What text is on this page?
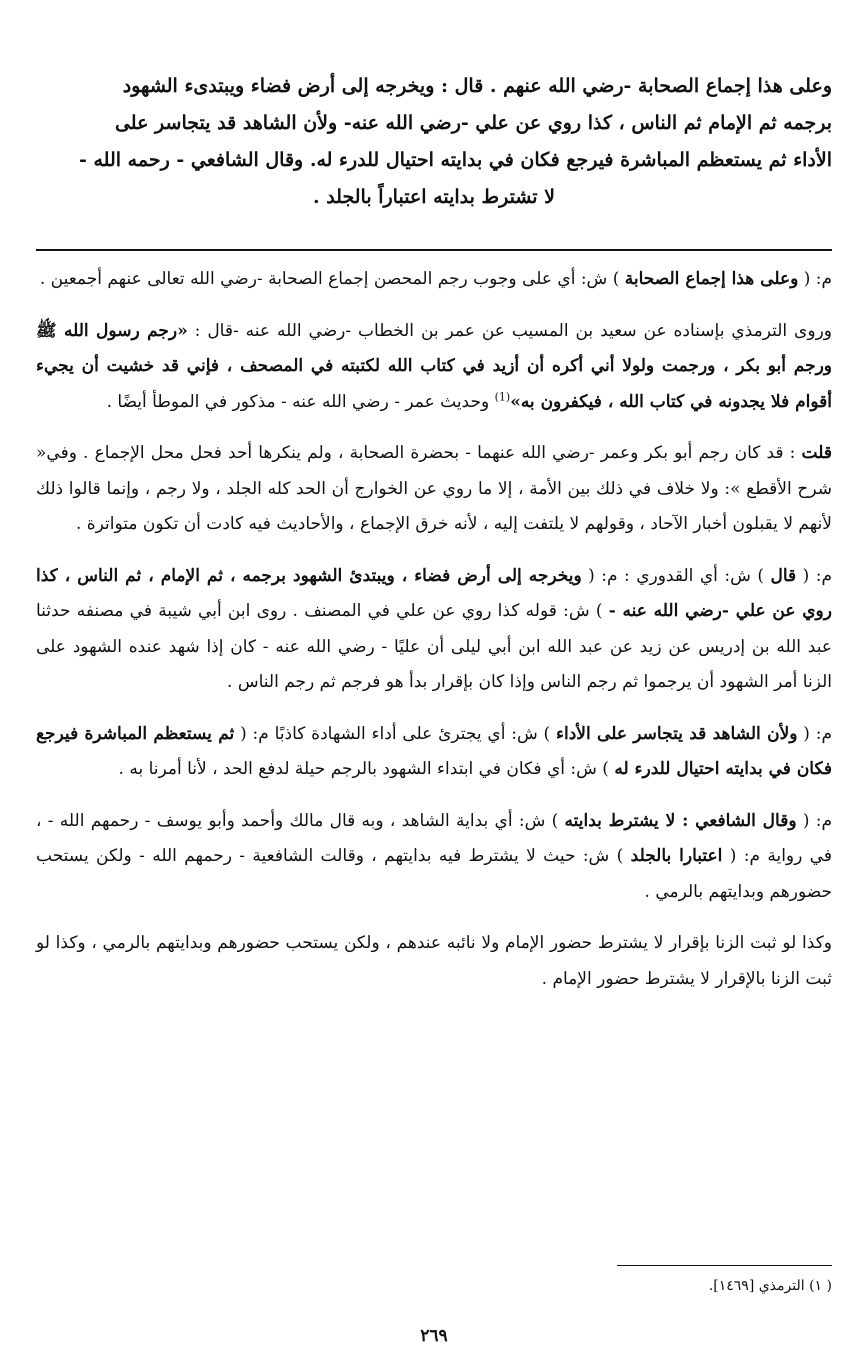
وعلى هذا إجماع الصحابة -رضي الله عنهم . قال : ويخرجه إلى أرض فضاء ويبتدىء الشهود

برجمه ثم الإمام ثم الناس ، كذا روي عن علي -رضي الله عنه- ولأن الشاهد قد يتجاسر على

الأداء ثم يستعظم المباشرة فيرجع فكان في بدايته احتيال للدرء له. وقال الشافعي - رحمه الله -

لا تشترط بدايته اعتباراً بالجلد .

م: ( وعلى هذا إجماع الصحابة ) ش: أي على وجوب رجم المحصن إجماع الصحابة -رضي الله تعالى عنهم أجمعين .

وروى الترمذي بإسناده عن سعيد بن المسيب عن عمر بن الخطاب -رضي الله عنه -قال : «رجم رسول الله ﷺ ورجم أبو بكر ، ورجمت ولولا أني أكره أن أزيد في كتاب الله لكتبته في المصحف ، فإني قد خشيت أن يجيء أقوام فلا يجدونه في كتاب الله ، فيكفرون به»$^{(1)}$ وحديث عمر - رضي الله عنه - مذكور في الموطأ أيضًا .

قلت : قد كان رجم أبو بكر وعمر -رضي الله عنهما - بحضرة الصحابة ، ولم ينكرها أحد فحل محل الإجماع . وفي« شرح الأقطع »: ولا خلاف في ذلك بين الأمة ، إلا ما روي عن الخوارج أن الحد كله الجلد ، ولا رجم ، وإنما قالوا ذلك لأنهم لا يقبلون أخبار الآحاد ، وقولهم لا يلتفت إليه ، لأنه خرق الإجماع ، والأحاديث فيه كادت أن تكون متواترة .

م: ( قال ) ش: أي القدوري : م: ( ويخرجه إلى أرض فضاء ، ويبتدئ الشهود برجمه ، ثم الإمام ، ثم الناس ، كذا روي عن علي -رضي الله عنه - ) ش: قوله كذا روي عن علي في المصنف . روى ابن أبي شيبة في مصنفه حدثنا عبد الله بن إدريس عن زيد عن عبد الله ابن أبي ليلى أن عليًا - رضي الله عنه - كان إذا شهد عنده الشهود على الزنا أمر الشهود أن يرجموا ثم رجم الناس وإذا كان بإقرار بدأ هو فرجم ثم رجم الناس .

م: ( ولأن الشاهد قد يتجاسر على الأداء ) ش: أي يجترئ على أداء الشهادة كاذبًا م: ( ثم يستعظم المباشرة فيرجع فكان في بدايته احتيال للدرء له ) ش: أي فكان في ابتداء الشهود بالرجم حيلة لدفع الحد ، لأنا أمرنا به .

م: ( وقال الشافعي : لا يشترط بدايته ) ش: أي بداية الشاهد ، وبه قال مالك وأحمد وأبو يوسف - رحمهم الله - ، في رواية م: ( اعتبارا بالجلد ) ش: حيث لا يشترط فيه بدايتهم ، وقالت الشافعية - رحمهم الله - ولكن يستحب حضورهم وبدايتهم بالرمي .

وكذا لو ثبت الزنا بإقرار لا يشترط حضور الإمام ولا نائبه عندهم ، ولكن يستحب حضورهم وبدايتهم بالرمي ، وكذا لو ثبت الزنا بالإقرار لا يشترط حضور الإمام .

( ١) الترمذي [١٤٦٩].
٢٦٩
